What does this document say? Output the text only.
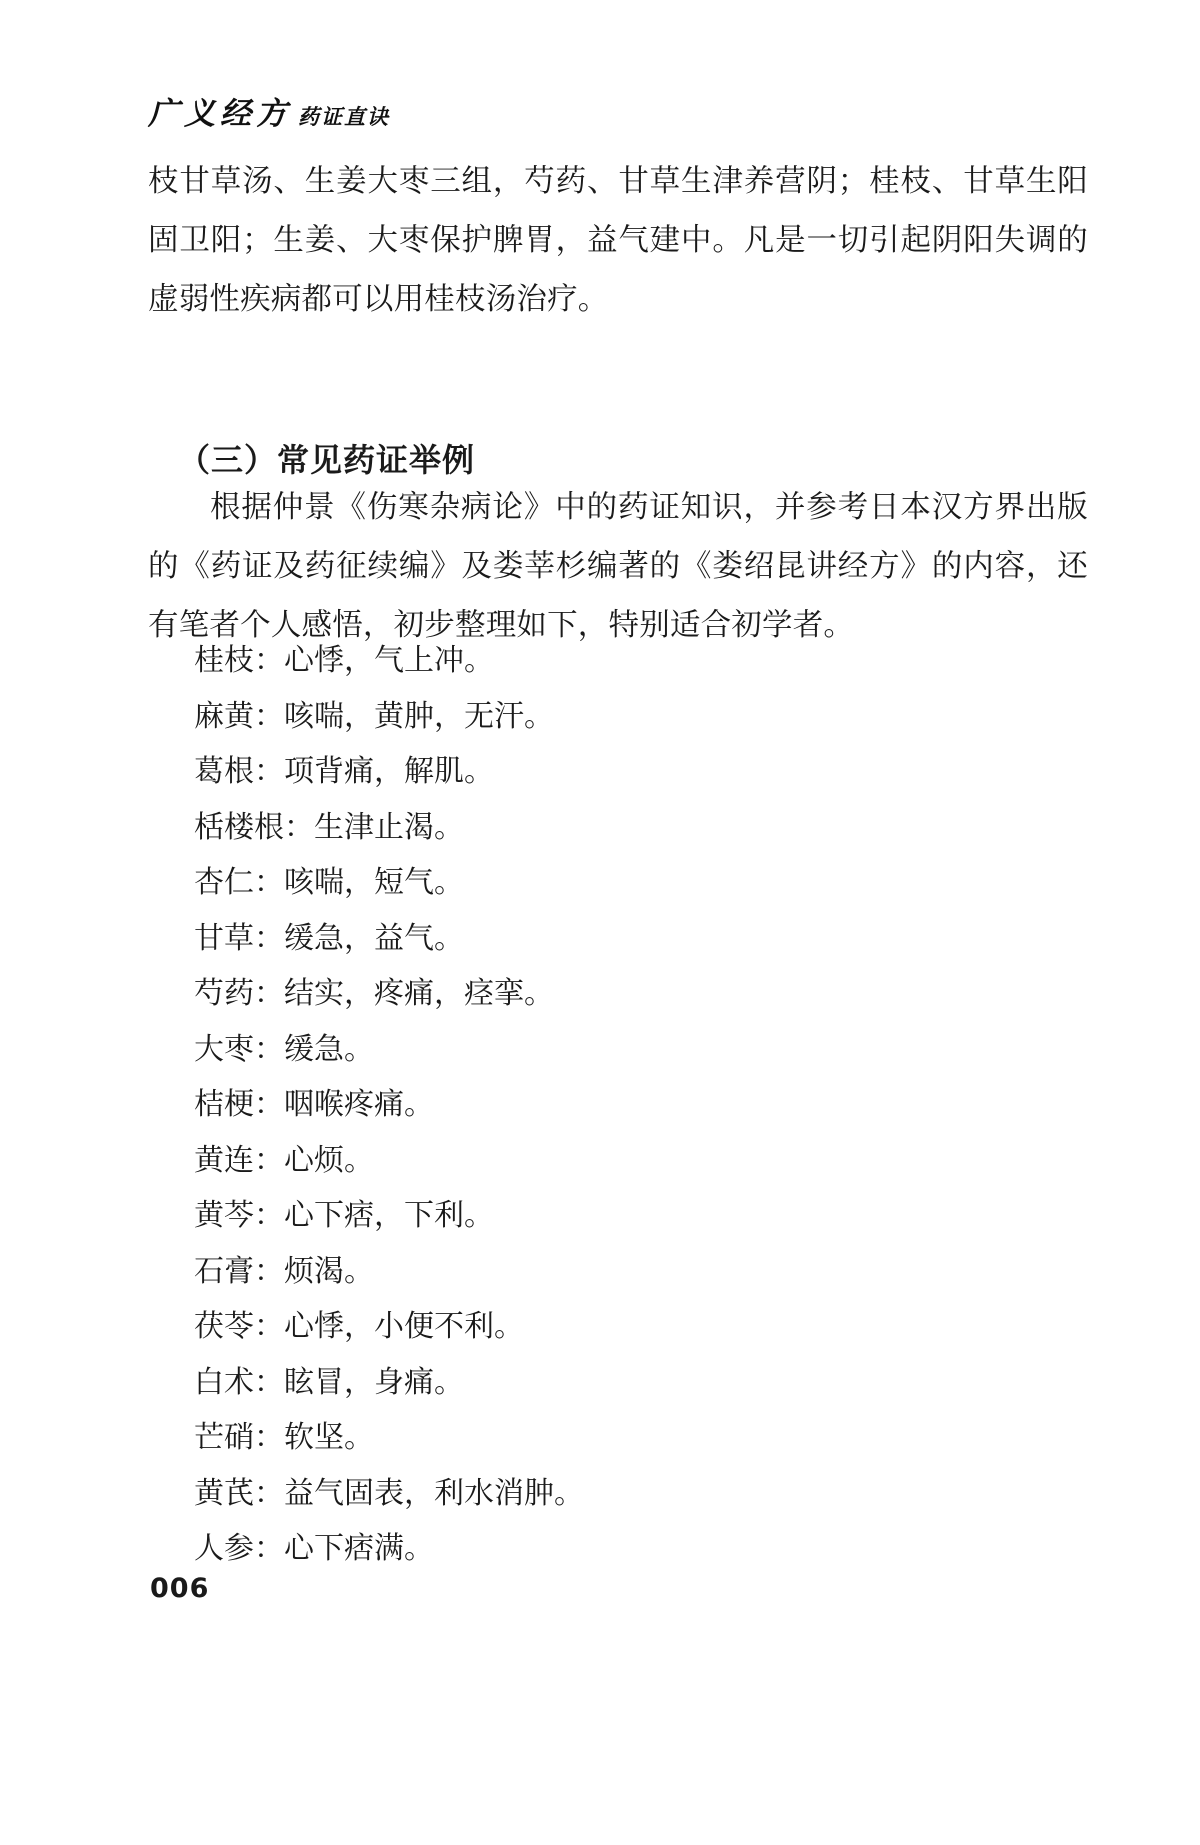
广义经方 药证直诀

枝甘草汤、生姜大枣三组，芍药、甘草生津养营阴；桂枝、甘草生阳固卫阳；生姜、大枣保护脾胃，益气建中。凡是一切引起阴阳失调的虚弱性疾病都可以用桂枝汤治疗。

（三）常见药证举例

根据仲景《伤寒杂病论》中的药证知识，并参考日本汉方界出版的《药证及药征续编》及娄莘杉编著的《娄绍昆讲经方》的内容，还有笔者个人感悟，初步整理如下，特别适合初学者。

桂枝：心悸，气上冲。
麻黄：咳喘，黄肿，无汗。
葛根：项背痛，解肌。
栝楼根：生津止渴。
杏仁：咳喘，短气。
甘草：缓急，益气。
芍药：结实，疼痛，痉挛。
大枣：缓急。
桔梗：咽喉疼痛。
黄连：心烦。
黄芩：心下痞，下利。
石膏：烦渴。
茯苓：心悸，小便不利。
白术：眩冒，身痛。
芒硝：软坚。
黄芪：益气固表，利水消肿。
人参：心下痞满。
006
